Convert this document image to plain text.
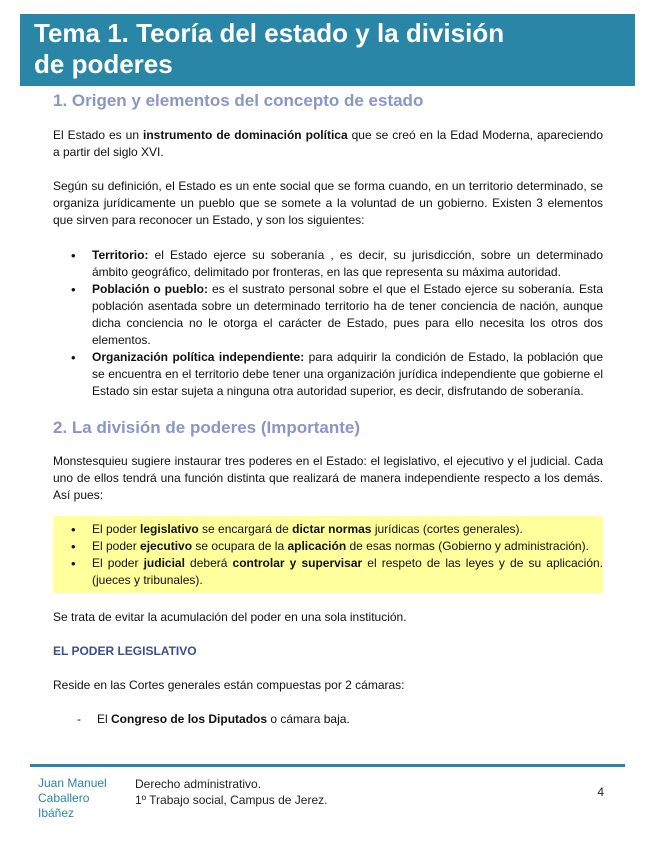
Tema 1. Teoría del estado y la división
de poderes
1. Origen y elementos del concepto de estado

El Estado es un instrumento de dominación política que se creó en la Edad Moderna, apareciendo a partir del siglo XVI.

Según su definición, el Estado es un ente social que se forma cuando, en un territorio determinado, se organiza jurídicamente un pueblo que se somete a la voluntad de un gobierno. Existen 3 elementos que sirven para reconocer un Estado, y son los siguientes:

• Territorio: el Estado ejerce su soberanía , es decir, su jurisdicción, sobre un determinado ámbito geográfico, delimitado por fronteras, en las que representa su máxima autoridad.
• Población o pueblo: es el sustrato personal sobre el que el Estado ejerce su soberanía. Esta población asentada sobre un determinado territorio ha de tener conciencia de nación, aunque dicha conciencia no le otorga el carácter de Estado, pues para ello necesita los otros dos elementos.
• Organización política independiente: para adquirir la condición de Estado, la población que se encuentra en el territorio debe tener una organización jurídica independiente que gobierne el Estado sin estar sujeta a ninguna otra autoridad superior, es decir, disfrutando de soberanía.
2. La división de poderes (Importante)

Monstesquieu sugiere instaurar tres poderes en el Estado: el legislativo, el ejecutivo y el judicial. Cada uno de ellos tendrá una función distinta que realizará de manera independiente respecto a los demás. Así pues:

• El poder legislativo se encargará de dictar normas jurídicas (cortes generales).
• El poder ejecutivo se ocupara de la aplicación de esas normas (Gobierno y administración).
• El poder judicial deberá controlar y supervisar el respeto de las leyes y de su aplicación. (jueces y tribunales).

Se trata de evitar la acumulación del poder en una sola institución.

EL PODER LEGISLATIVO

Reside en las Cortes generales están compuestas por 2 cámaras:

- El Congreso de los Diputados o cámara baja.
Juan Manuel
Caballero
Ibáñez
Derecho administrativo.
1º Trabajo social, Campus de Jerez.
4
